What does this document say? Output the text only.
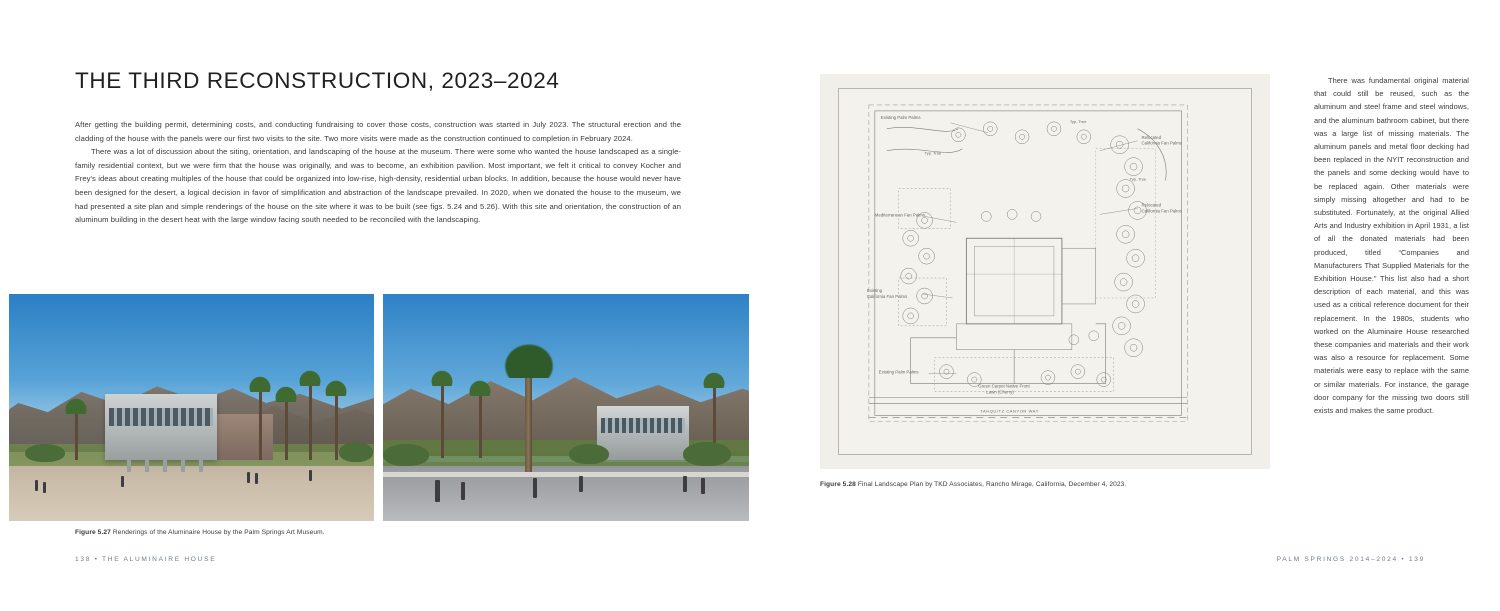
THE THIRD RECONSTRUCTION, 2023–2024

After getting the building permit, determining costs, and conducting fundraising to cover those costs, construction was started in July 2023. The structural erection and the cladding of the house with the panels were our first two visits to the site. Two more visits were made as the construction continued to completion in February 2024.

There was a lot of discussion about the siting, orientation, and landscaping of the house at the museum. There were some who wanted the house landscaped as a single-family residential context, but we were firm that the house was originally, and was to become, an exhibition pavilion. Most important, we felt it critical to convey Kocher and Frey's ideas about creating multiples of the house that could be organized into low-rise, high-density, residential urban blocks. In addition, because the house would never have been designed for the desert, a logical decision in favor of simplification and abstraction of the landscape prevailed. In 2020, when we donated the house to the museum, we had presented a site plan and simple renderings of the house on the site where it was to be built (see figs. 5.24 and 5.26). With this site and orientation, the construction of an aluminum building in the desert heat with the large window facing south needed to be reconciled with the landscaping.

Figure 5.27 Renderings of the Aluminaire House by the Palm Springs Art Museum.
138 • THE ALUMINAIRE HOUSE
Existing Palm Palms
Relocated
California Fan Palms
Relocated
California Fan Palms
Mediterranean Fan Palms
Existing
California Fan Palms
Existing Palm Palms
Green Carpet Native Front
Lawn (Cherry)
TAHQUITZ CANYON WAY
Typ. Tree
Typ. Tree
Typ. Tree
Figure 5.28 Final Landscape Plan by TKD Associates, Rancho Mirage, California, December 4, 2023.

There was fundamental original material that could still be reused, such as the aluminum and steel frame and steel windows, and the aluminum bathroom cabinet, but there was a large list of missing materials. The aluminum panels and metal floor decking had been replaced in the NYIT reconstruction and the panels and some decking would have to be replaced again. Other materials were simply missing altogether and had to be substituted. Fortunately, at the original Allied Arts and Industry exhibition in April 1931, a list of all the donated materials had been produced, titled “Companies and Manufacturers That Supplied Materials for the Exhibition House.” This list also had a short description of each material, and this was used as a critical reference document for their replacement. In the 1980s, students who worked on the Aluminaire House researched these companies and materials and their work was also a resource for replacement. Some materials were easy to replace with the same or similar materials. For instance, the garage door company for the missing two doors still exists and makes the same product.

PALM SPRINGS 2014–2024 • 139
